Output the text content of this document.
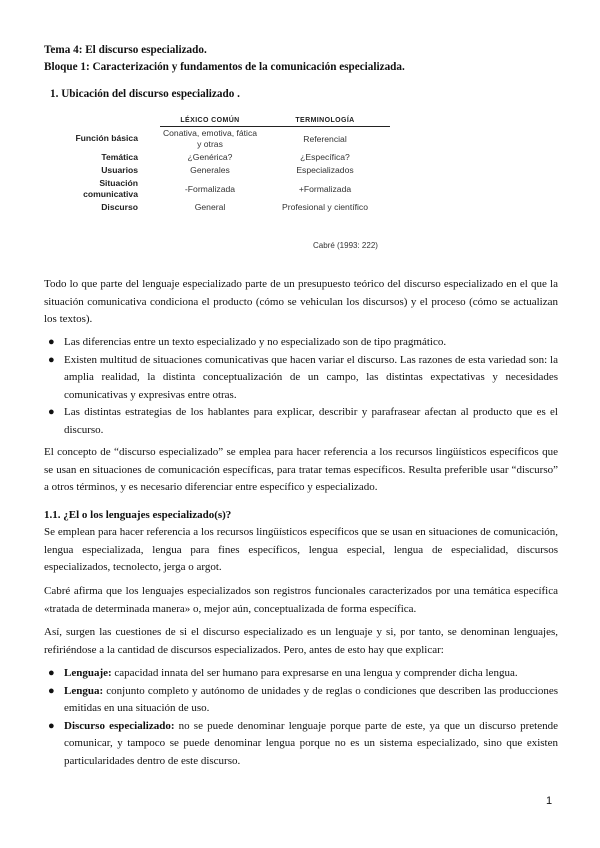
Tema 4: El discurso especializado.
Bloque 1: Caracterización y fundamentos de la comunicación especializada.
1. Ubicación del discurso especializado .
	LÉXICO COMÚN	TERMINOLOGÍA
Función básica	Conativa, emotiva, fática y otras	Referencial
Temática	¿Genérica?	¿Específica?
Usuarios	Generales	Especializados
Situación comunicativa	-Formalizada	+Formalizada
Discurso	General	Profesional y científico
Cabré (1993: 222)
Todo lo que parte del lenguaje especializado parte de un presupuesto teórico del discurso especializado en el que la situación comunicativa condiciona el producto (cómo se vehiculan los discursos) y el proceso (cómo se actualizan los textos).
● Las diferencias entre un texto especializado y no especializado son de tipo pragmático.
● Existen multitud de situaciones comunicativas que hacen variar el discurso. Las razones de esta variedad son: la amplia realidad, la distinta conceptualización de un campo, las distintas expectativas y necesidades comunicativas y expresivas entre otras.
● Las distintas estrategias de los hablantes para explicar, describir y parafrasear afectan al producto que es el discurso.
El concepto de “discurso especializado” se emplea para hacer referencia a los recursos lingüísticos específicos que se usan en situaciones de comunicación específicas, para tratar temas específicos. Resulta preferible usar “discurso” a otros términos, y es necesario diferenciar entre específico y especializado.
1.1. ¿El o los lenguajes especializado(s)?
Se emplean para hacer referencia a los recursos lingüísticos específicos que se usan en situaciones de comunicación, lengua especializada, lengua para fines específicos, lengua especial, lengua de especialidad, discursos especializados, tecnolecto, jerga o argot.
Cabré afirma que los lenguajes especializados son registros funcionales caracterizados por una temática específica «tratada de determinada manera» o, mejor aún, conceptualizada de forma específica.
Así, surgen las cuestiones de si el discurso especializado es un lenguaje y si, por tanto, se denominan lenguajes, refiriéndose a la cantidad de discursos especializados. Pero, antes de esto hay que explicar:
● Lenguaje: capacidad innata del ser humano para expresarse en una lengua y comprender dicha lengua.
● Lengua: conjunto completo y autónomo de unidades y de reglas o condiciones que describen las producciones emitidas en una situación de uso.
● Discurso especializado: no se puede denominar lenguaje porque parte de este, ya que un discurso pretende comunicar, y tampoco se puede denominar lengua porque no es un sistema especializado, sino que existen particularidades dentro de este discurso.
1
